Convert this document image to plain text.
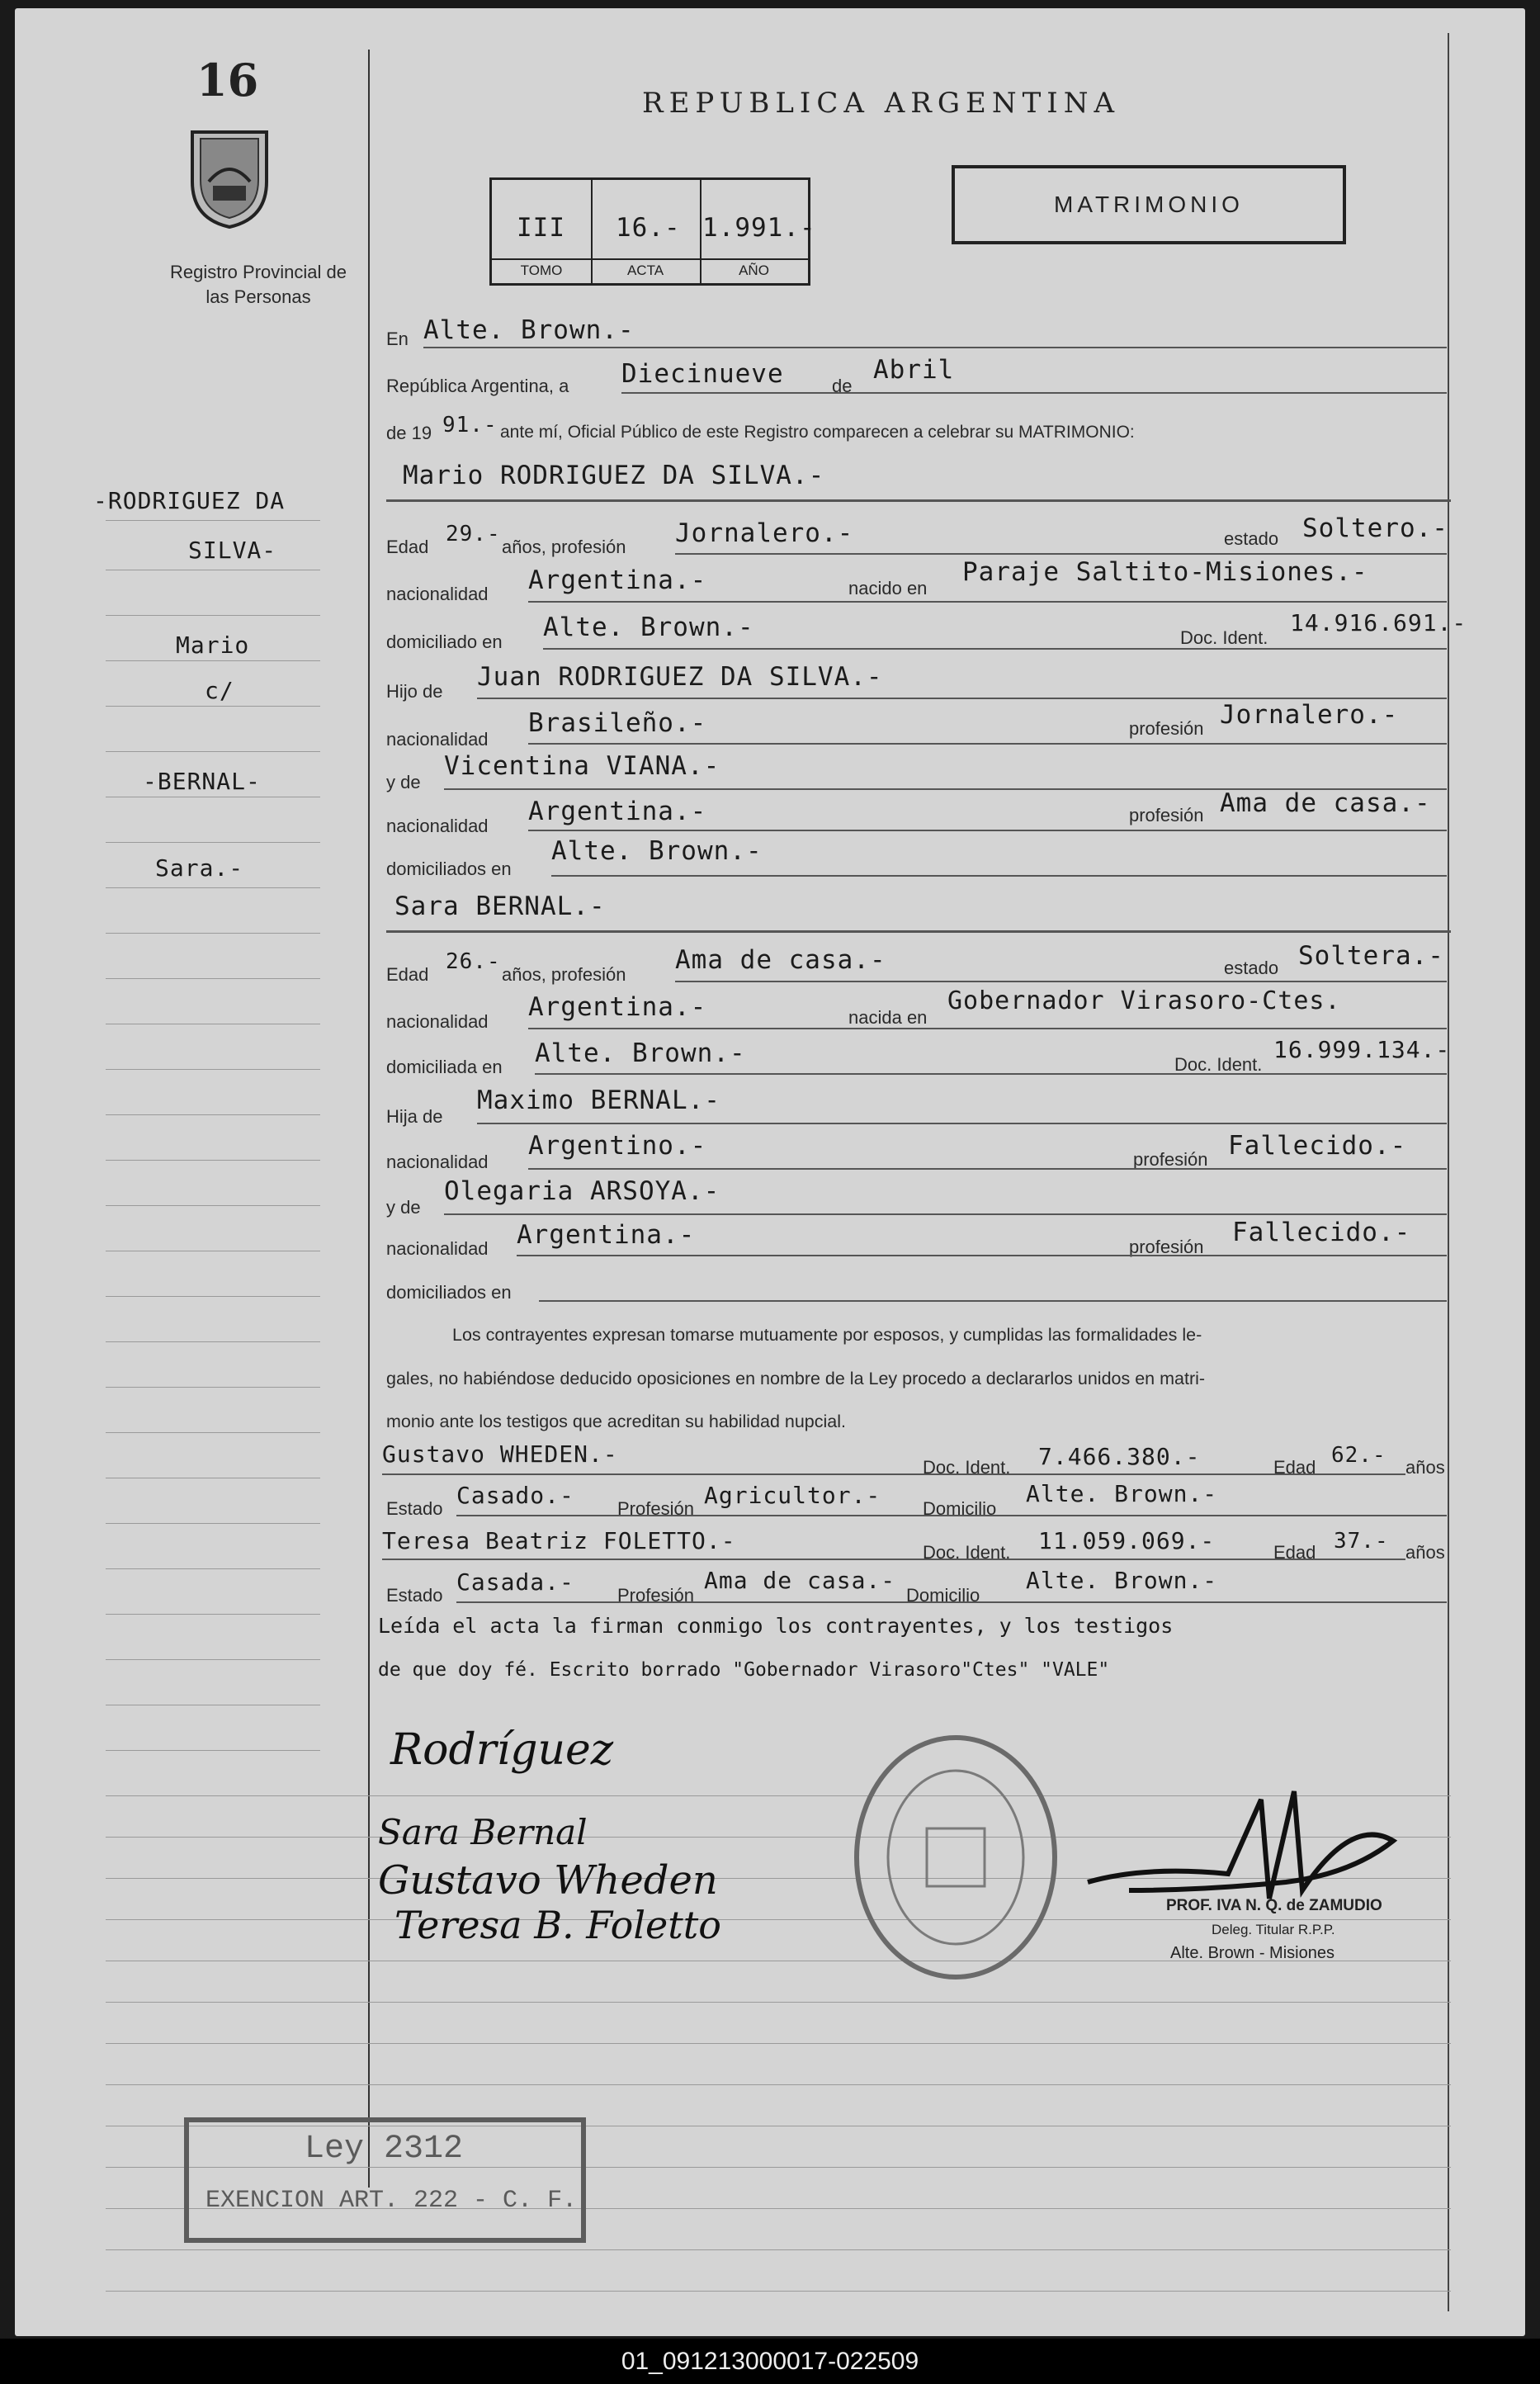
16
Registro Provincial de las Personas
REPUBLICA ARGENTINA
III 16.- 1.991.-
TOMO	ACTA	AÑO
MATRIMONIO
-RODRIGUEZ DA
SILVA-
Mario
c/
-BERNAL-
Sara.-
En Alte. Brown.-
República Argentina, a Diecinueve	de
Abril
de 19 91.- ante mí, Oficial Público de este Registro comparecen a celebrar su MATRIMONIO:
Mario RODRIGUEZ DA SILVA.-
Edad
29.-
años, profesión Jornalero.-	estado Soltero.-
nacionalidad Argentina.-	nacido en
Paraje Saltito-Misiones.-
domiciliado en Alte. Brown.-	Doc. Ident.
14.916.691.-
Hijo de Juan RODRIGUEZ DA SILVA.-
nacionalidad
Brasileño.-	profesión Jornalero.-
y de
Vicentina VIANA.-
nacionalidad Argentina.-	profesión Ama de casa.-
domiciliados en
Alte. Brown.-
Sara BERNAL.-
Edad
26.-
años, profesión Ama de casa.-	estado Soltera.-
nacionalidad Argentina.-	nacida en
Gobernador Virasoro-Ctes.
domiciliada en Alte. Brown.-	Doc. Ident.
16.999.134.-
Hija de
Maximo BERNAL.-
nacionalidad
Argentino.-	profesión Fallecido.-
y de
Olegaria ARSOYA.-
nacionalidad Argentina.-	profesión Fallecido.-
domiciliados en
Los contrayentes expresan tomarse mutuamente por esposos, y cumplidas las formalidades le-
gales, no habiéndose deducido oposiciones en nombre de la Ley procedo a declararlos unidos en matri-
monio ante los testigos que acreditan su habilidad nupcial.
Gustavo WHEDEN.-	Doc. Ident. 7.466.380.-	Edad 62.- años
Estado Casado.- Profesión Agricultor.- Domicilio
Alte. Brown.-
Teresa Beatriz FOLETTO.-	Doc. Ident. 11.059.069.-	Edad 37.- años
Estado Casada.- Profesión
Ama de casa.-
Domicilio
Alte. Brown.-
Leída el acta la firman conmigo los contrayentes, y los testigos
de que doy fé. Escrito borrado "Gobernador Virasoro"Ctes" "VALE"
Rodríguez
Sara Bernal
Gustavo Wheden
Teresa B. Foletto	PROF. IVA N. Q. de ZAMUDIO
Deleg. Titular R.P.P.
Alte. Brown - Misiones
Ley 2312
EXENCION ART. 222 - C. F.
01_091213000017-022509
